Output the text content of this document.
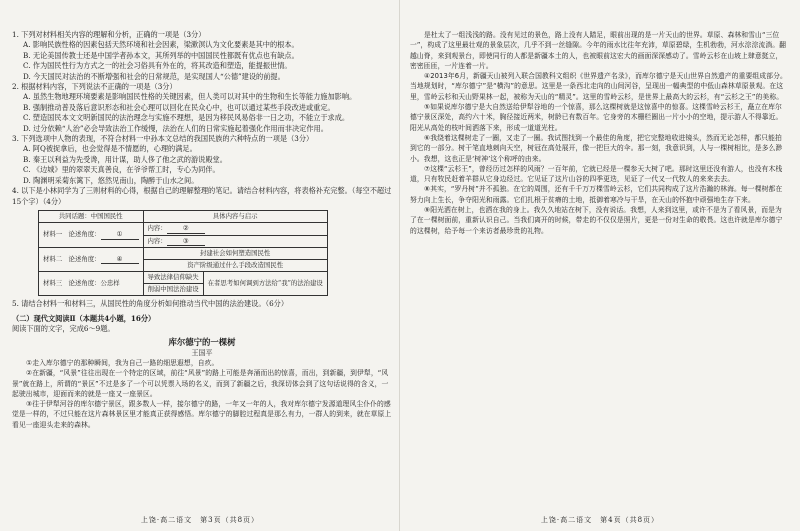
1. 下列对材料相关内容的理解和分析，正确的一项是（3分）

A. 影响民族性格的因素包括天然环境和社会因素，梁漱溟认为文化要素是其中的根本。

B. 无论美国传教士还是中国学者孙本文，其所列举的中国国民性都既有优点也有缺点。

C. 作为国民性行为方式之一的社会习俗具有外在的，将其改造和塑造，能提振世情。

D. 今天国民对法治的不断增强和社会的日常规范，是实现国人“公德”建设的前提。

2. 根据材料内容，下列说法不正确的一项是（3分）

A. 虽然生物地理环境要素是影响国民性格的关键因素，但人类可以对其中的生物和生长等能力施加影响。

B. 强制推动普及落后意识形态和社会心理可以回化在民众心中，也可以通过某些手段改进或重定。

C. 塑造国民本文文明新国民的法治理念与实施不理想，是因为移民风易俗非一日之功，不能立于求成。

D. 过分依赖“人治”必会导致法治工作缓慢，法治在人们的日常实施起着强化作用而非决定作用。

3. 下列选项中人物的表现，不符合材料一中孙本文总结的我国民族的六种特点的一项是（3分）

A. 阿Q被捉拿后，也会觉得是不情愿的，心理的满足。

B. 秦王以利益为先受谗，用计谋，助人侈了他之武的游说殿堂。

C. 《边城》里的翠翠天真善良，在爷爷帮工时，专心为同伴。

D. 陶渊明采菊东篱下，悠然见南山，陶醉于山水之间。

4. 以下是小林同学为了三则材料的心得，根据自己的理解整理的笔记。请结合材料内容，将表格补充完整。（每空不超过15个字）（4分）

共同话题：中国国民性	具体内容与启示	
材料一　论述角度： ①	内容： ②	
	内容： ③	
材料二　论述角度： ④	封建社会如何塑造国民性	
	资产阶级通过什么手段改造国民性	
材料三　论述角度：公忠样	导致法律信仰缺失	在者思考如何调到方法给“我”的法治建设
	削弱中国法治建设	

5. 请结合材料一和材料三，从国民性的角度分析如何推动当代中国的法治建设。（6分）

（二）现代文阅读Ⅱ（本题共4小题，16分）

阅读下面的文字，完成6～9题。

库尔德宁的一棵树

王国平

①走入库尔德宁的那种瞬间，我为自己一路的细思遐想，自疚。

②在新疆，“风景”往往出现在一个特定的区域，前往“风景”的路上可能是奔涌而出的惊喜，而出，到新疆，到伊犁，“风景”就在路上，所谓的“景区”不过是多了一个可以凭票入场的名义，而到了新疆之后，我深切体会到了这句话说得的含义，一起驶出城市，迎面而来的就是一座又一座景区。

③往于伊犁河谷的库尔德宁景区，跟多数人一样，接尔德宁的路，一年又一年的人，我对库尔德宁发源道理风尘仆仆的感觉是一样的，不过只能在这片森林景区里才能真正获得感悟。库尔德宁的脚腔过程真是那么有力，一群人的到来，就在草原上看见一座迎头走来的森林。

上饶·高二语文　第3页（共8页）

是杜太了一组浅浅的路。没有见过的景色，路上没有人踏足，眼前出现的是一片天山的世界。草原、森林和雪山“三位一”，构成了这里最壮观的景象层次，几乎不到一丝缝隙。今年的雨水比往年充沛，草原碧绿，生机勃勃，河水淙淙流淌。翻越山脊，来到观景台，即使同行的人都是新疆本土的人，也被眼前这宏大的画面深深感动了。雪岭云杉在山坡上肆意挺立，密密匝匝，一片连着一片。

④2013年6月，新疆天山被列入联合国教科文组织《世界遗产名录》，而库尔德宁是天山世界自然遗产的重要组成部分。当地规划时，“库尔德宁”是“横沟”的意思。这里是一条西北走向的山间河谷，呈现出一幅典型的中低山森林草原景观。在这里，雪岭云杉和天山野果林一起，被称为天山的“精灵”。这里的雪岭云杉，是世界上最高大的云杉，有“云杉之王”的美称。

⑤如果说库尔德宁是大自然送给伊犁谷地的一个惊喜，那么这棵树就是这惊喜中的惊喜。这棵雪岭云杉王，矗立在库尔德宁景区深处，高约六十米，胸径接近两米，树龄已有数百年。它身旁的木栅栏圈出一片小小的空地，提示游人不得靠近。阳光从高处的枝叶间洒落下来，形成一道道光柱。

⑥我绕着这棵树走了一圈，又走了一圈。我试图找到一个最佳的角度，把它完整地收进镜头，然而无论怎样，都只能拍到它的一部分。树干笔直地刺向天空，树冠在高处展开，像一把巨大的伞。那一刻，我意识到，人与一棵树相比，是多么渺小。我想，这也正是‘树神’这个称呼的由来。

⑦这棵“云杉王”，曾经历过怎样的风雨？一百年前，它就已经是一棵参天大树了吧。那时这里还没有游人，也没有木栈道，只有牧民赶着羊群从它身边经过。它见证了这片山谷的四季更迭，见证了一代又一代牧人的来来去去。

⑧其实，“罗丹树”并不孤独。在它的周围，还有千千万万棵雪岭云杉，它们共同构成了这片浩瀚的林海。每一棵树都在努力向上生长，争夺阳光和雨露。它们扎根于贫瘠的土地，抵御着寒冷与干旱，在天山的怀抱中顽强地生存下来。

⑨阳光洒在树上，也洒在我的身上。我久久地站在树下，没有说话。我想，人来到这里，或许不是为了看风景，而是为了在一棵树面前，重新认识自己。当我们离开的时候，带走的不仅仅是照片，更是一份对生命的敬畏。这也许就是库尔德宁的这棵树，给予每一个来访者最珍贵的礼物。

上饶·高二语文　第4页（共8页）
